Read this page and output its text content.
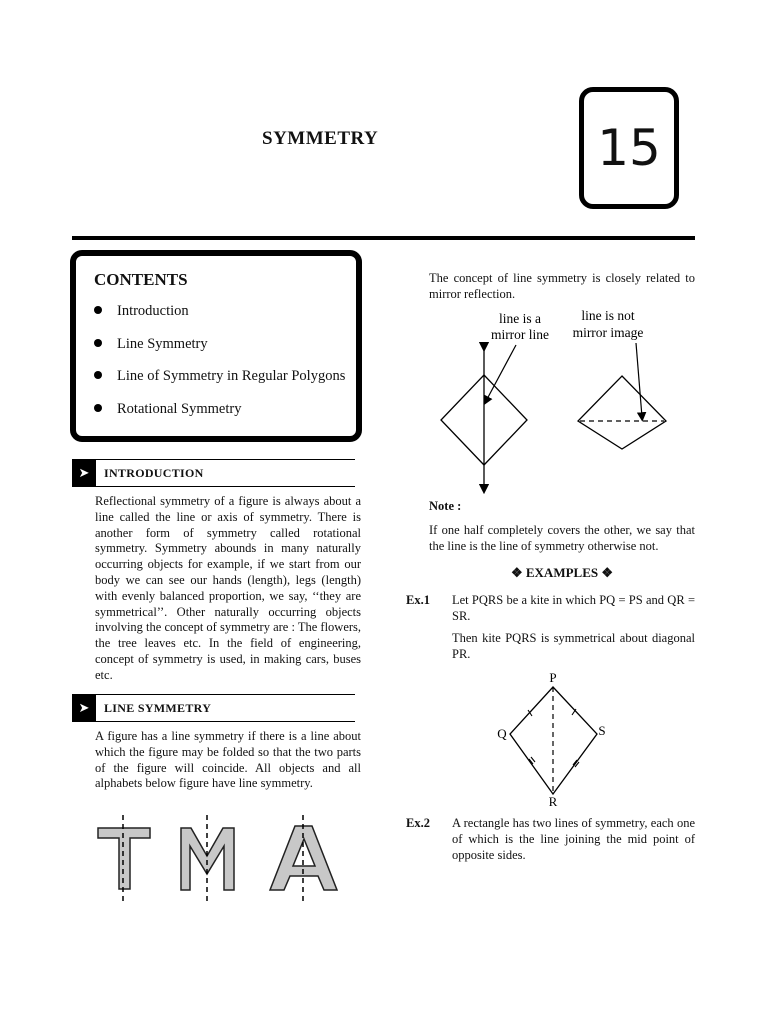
SYMMETRY	15
CONTENTS
Introduction
Line Symmetry
Line of Symmetry in Regular Polygons
Rotational Symmetry
➤	INTRODUCTION
Reflectional symmetry of a figure is always about a line called the line or axis of symmetry. There is another form of symmetry called rotational symmetry. Symmetry abounds in many naturally occurring objects for example, if we start from our body we can see our hands (length), legs (length) with evenly balanced proportion, we say, ‘‘they are symmetrical’’. Other naturally occurring objects involving the concept of symmetry are : The flowers, the tree leaves etc. In the field of engineering, concept of symmetry is used, in making cars, buses etc.
➤	LINE SYMMETRY
A figure has a line symmetry if there is a line about which the figure may be folded so that the two parts of the figure will coincide. All objects and all alphabets below figure have line symmetry.
The concept of line symmetry is closely related to mirror reflection.
line is a
mirror line
line is not
mirror image
Note :
If one half completely covers the other, we say that the line is the line of symmetry otherwise not.
❖ EXAMPLES ❖
Ex.1 Let PQRS be a kite in which PQ = PS and QR = SR.
Then kite PQRS is symmetrical about diagonal PR.
P
Q	S
R
Ex.2 A rectangle has two lines of symmetry, each one of which is the line joining the mid point of opposite sides.
